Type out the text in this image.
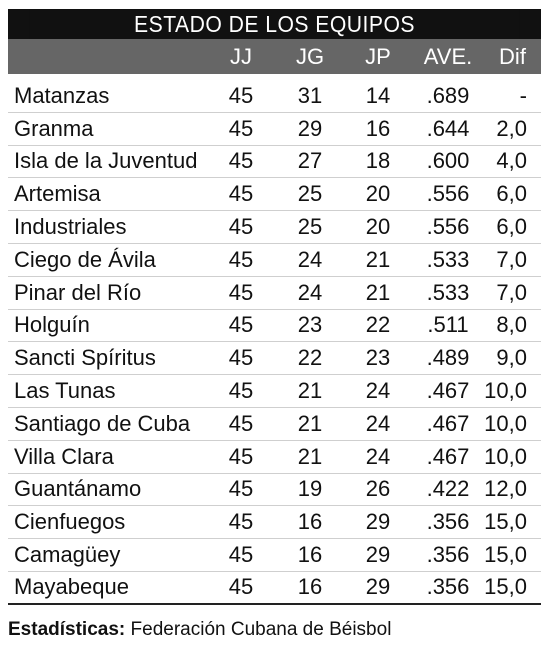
ESTADO DE LOS EQUIPOS
JJ	JG	JP	AVE.	Dif
Matanzas	45	31	14	.689	-
Granma	45	29	16	.644	2,0
Isla de la Juventud	45	27	18	.600	4,0
Artemisa	45	25	20	.556	6,0
Industriales	45	25	20	.556	6,0
Ciego de Ávila	45	24	21	.533	7,0
Pinar del Río	45	24	21	.533	7,0
Holguín	45	23	22	.511	8,0
Sancti Spíritus	45	22	23	.489	9,0
Las Tunas	45	21	24	.467 10,0
Santiago de Cuba	45	21	24	.467 10,0
Villa Clara	45	21	24	.467 10,0
Guantánamo	45	19	26	.422 12,0
Cienfuegos	45	16	29	.356 15,0
Camagüey	45	16	29	.356 15,0
Mayabeque	45	16	29	.356 15,0
Estadísticas: Federación Cubana de Béisbol
